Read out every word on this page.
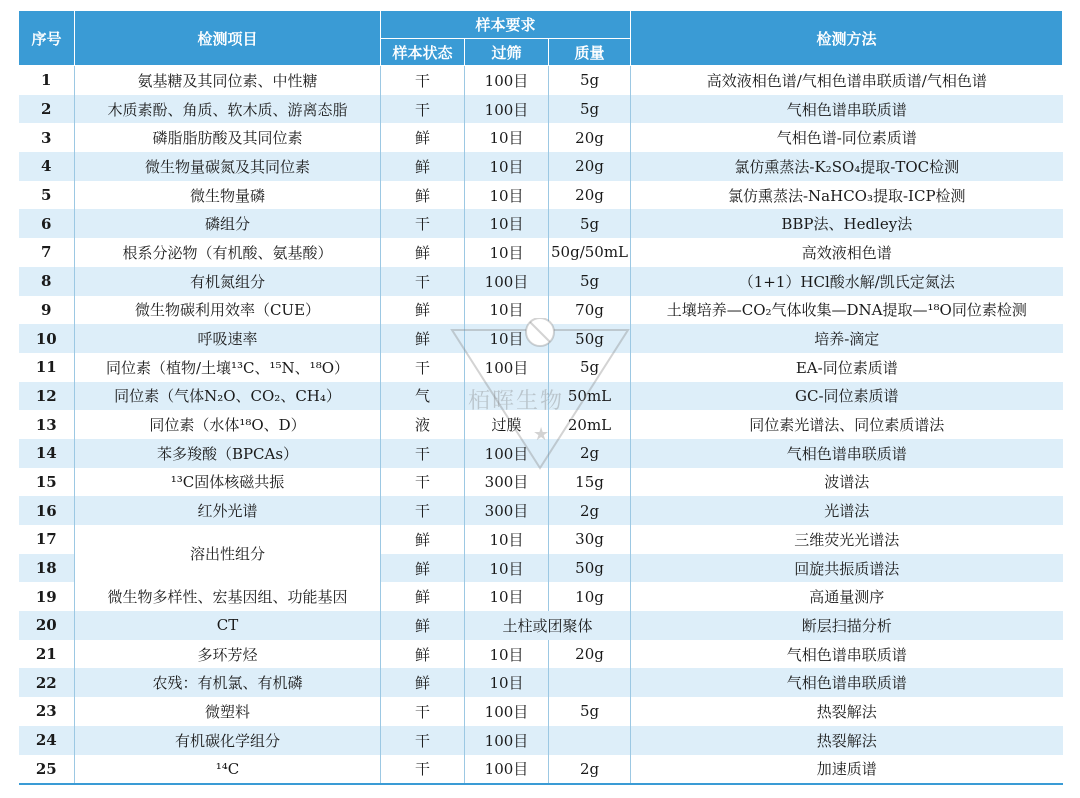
序号	检测项目	样本要求			检测方法
		样本状态	过筛	质量	
1	氨基糖及其同位素、中性糖	干	100目	5g	高效液相色谱/气相色谱串联质谱/气相色谱
2	木质素酚、角质、软木质、游离态脂	干	100目	5g	气相色谱串联质谱
3	磷脂脂肪酸及其同位素	鲜	10目	20g	气相色谱-同位素质谱
4	微生物量碳氮及其同位素	鲜	10目	20g	氯仿熏蒸法-K₂SO₄提取-TOC检测
5	微生物量磷	鲜	10目	20g	氯仿熏蒸法-NaHCO₃提取-ICP检测
6	磷组分	干	10目	5g	BBP法、Hedley法
7	根系分泌物（有机酸、氨基酸）	鲜	10目	50g/50mL	高效液相色谱
8	有机氮组分	干	100目	5g	（1+1）HCl酸水解/凯氏定氮法
9	微生物碳利用效率（CUE）	鲜	10目	70g	土壤培养—CO₂气体收集—DNA提取—¹⁸O同位素检测
10	呼吸速率	鲜	10目	50g	培养-滴定
11	同位素（植物/土壤¹³C、¹⁵N、¹⁸O）	干	100目	5g	EA-同位素质谱
12	同位素（气体N₂O、CO₂、CH₄）	气		50mL	GC-同位素质谱
13	同位素（水体¹⁸O、D）	液	过膜	20mL	同位素光谱法、同位素质谱法
14	苯多羧酸（BPCAs）	干	100目	2g	气相色谱串联质谱
15	¹³C固体核磁共振	干	300目	15g	波谱法
16	红外光谱	干	300目	2g	光谱法
17	溶出性组分	鲜	10目	30g	三维荧光光谱法
18		鲜	10目	50g	回旋共振质谱法
19	微生物多样性、宏基因组、功能基因	鲜	10目	10g	高通量测序
20	CT	鲜	土柱或团聚体		断层扫描分析
21	多环芳烃	鲜	10目	20g	气相色谱串联质谱
22	农残：有机氯、有机磷	鲜	10目		气相色谱串联质谱
23	微塑料	干	100目	5g	热裂解法
24	有机碳化学组分	干	100目		热裂解法
25	¹⁴C	干	100目	2g	加速质谱
★
栢晖生物
